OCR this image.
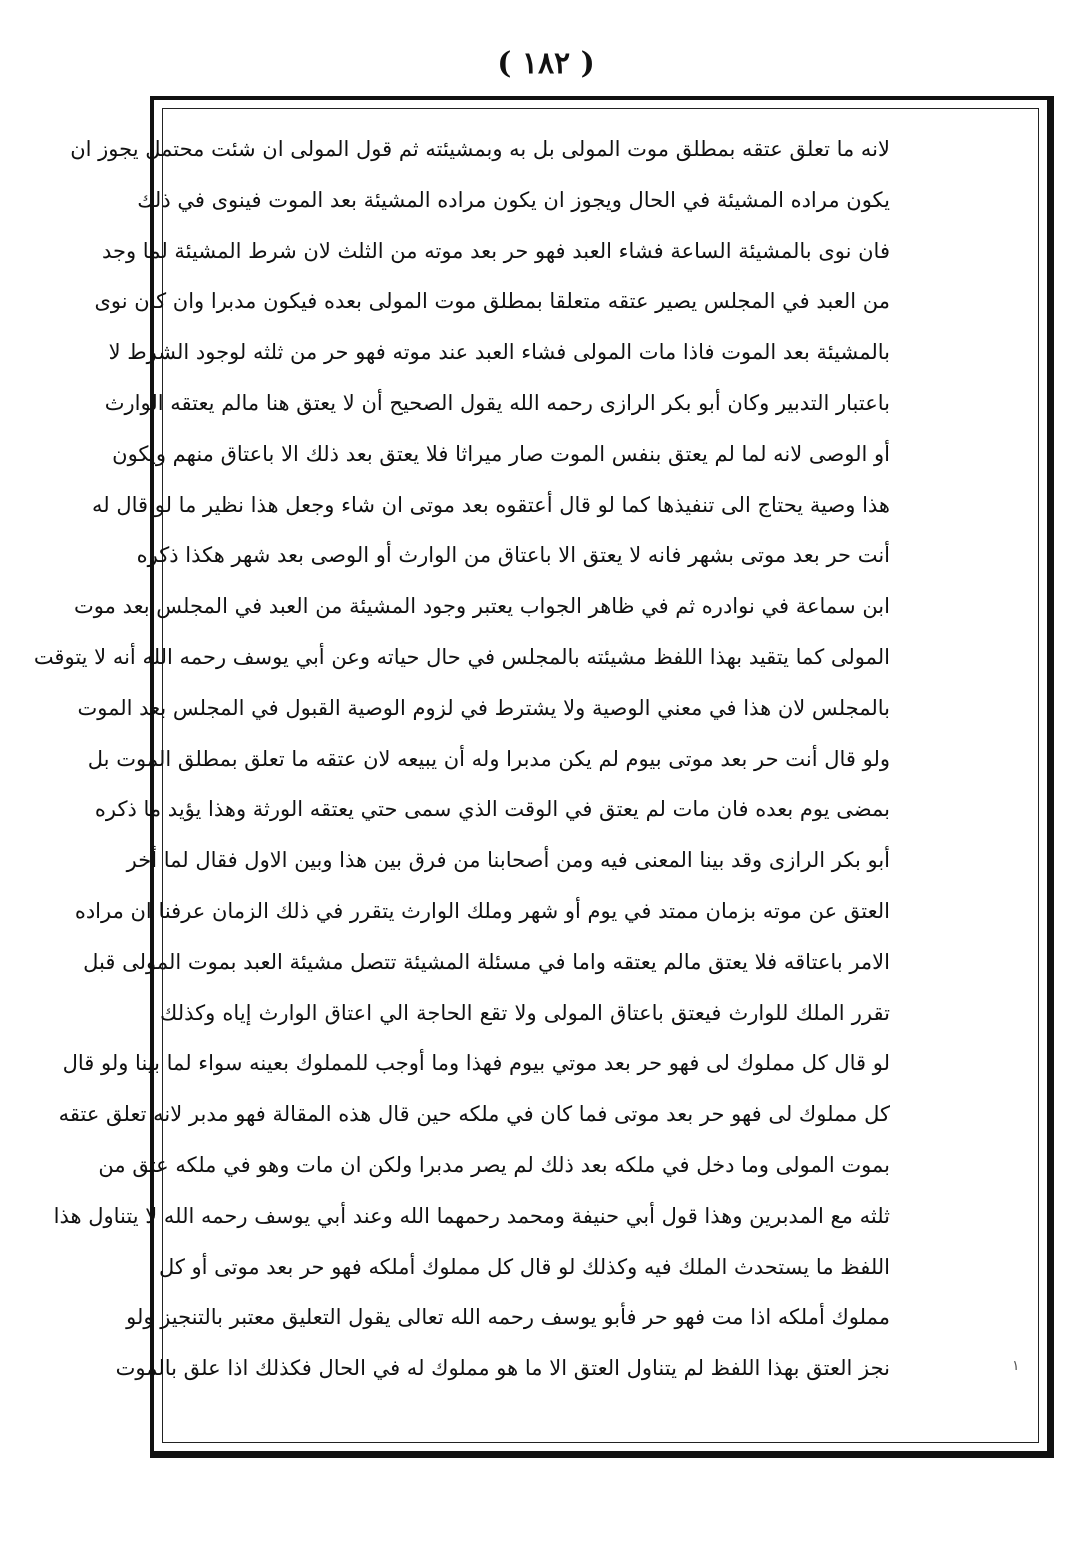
( ١٨٢ )
لانه ما تعلق عتقه بمطلق موت المولى بل به وبمشيئته ثم قول المولى ان شئت محتمل يجوز ان
يكون مراده المشيئة في الحال ويجوز ان يكون مراده المشيئة بعد الموت فينوى في ذلك
فان نوى بالمشيئة الساعة فشاء العبد فهو حر بعد موته من الثلث لان شرط المشيئة لما وجد
من العبد في المجلس يصير عتقه متعلقا بمطلق موت المولى بعده فيكون مدبرا وان كان نوى
بالمشيئة بعد الموت فاذا مات المولى فشاء العبد عند موته فهو حر من ثلثه لوجود الشرط لا
باعتبار التدبير وكان أبو بكر الرازى رحمه الله يقول الصحيح أن لا يعتق هنا مالم يعتقه الوارث
أو الوصى لانه لما لم يعتق بنفس الموت صار ميراثا فلا يعتق بعد ذلك الا باعتاق منهم ويكون
هذا وصية يحتاج الى تنفيذها كما لو قال أعتقوه بعد موتى ان شاء وجعل هذا نظير ما لو قال له
أنت حر بعد موتى بشهر فانه لا يعتق الا باعتاق من الوارث أو الوصى بعد شهر هكذا ذكره
ابن سماعة في نوادره ثم في ظاهر الجواب يعتبر وجود المشيئة من العبد في المجلس بعد موت
المولى كما يتقيد بهذا اللفظ مشيئته بالمجلس في حال حياته وعن أبي يوسف رحمه الله أنه لا يتوقت
بالمجلس لان هذا في معني الوصية ولا يشترط في لزوم الوصية القبول في المجلس بعد الموت
ولو قال أنت حر بعد موتى بيوم لم يكن مدبرا وله أن يبيعه لان عتقه ما تعلق بمطلق الموت بل
بمضى يوم بعده فان مات لم يعتق في الوقت الذي سمى حتي يعتقه الورثة وهذا يؤيد ما ذكره
أبو بكر الرازى وقد بينا المعنى فيه ومن أصحابنا من فرق بين هذا وبين الاول فقال لما أخر
العتق عن موته بزمان ممتد في يوم أو شهر وملك الوارث يتقرر في ذلك الزمان عرفنا ان مراده
الامر باعتاقه فلا يعتق مالم يعتقه واما في مسئلة المشيئة تتصل مشيئة العبد بموت المولى قبل
تقرر الملك للوارث فيعتق باعتاق المولى ولا تقع الحاجة الي اعتاق الوارث إياه وكذلك
لو قال كل مملوك لى فهو حر بعد موتي بيوم فهذا وما أوجب للمملوك بعينه سواء لما بينا ولو قال
كل مملوك لى فهو حر بعد موتى فما كان في ملكه حين قال هذه المقالة فهو مدبر لانه تعلق عتقه
بموت المولى وما دخل في ملكه بعد ذلك لم يصر مدبرا ولكن ان مات وهو في ملكه عتق من
ثلثه مع المدبرين وهذا قول أبي حنيفة ومحمد رحمهما الله وعند أبي يوسف رحمه الله لا يتناول هذا
اللفظ ما يستحدث الملك فيه وكذلك لو قال كل مملوك أملكه فهو حر بعد موتى أو كل
مملوك أملكه اذا مت فهو حر فأبو يوسف رحمه الله تعالى يقول التعليق معتبر بالتنجيز ولو
نجز العتق بهذا اللفظ لم يتناول العتق الا ما هو مملوك له في الحال فكذلك اذا علق بالموت	١
